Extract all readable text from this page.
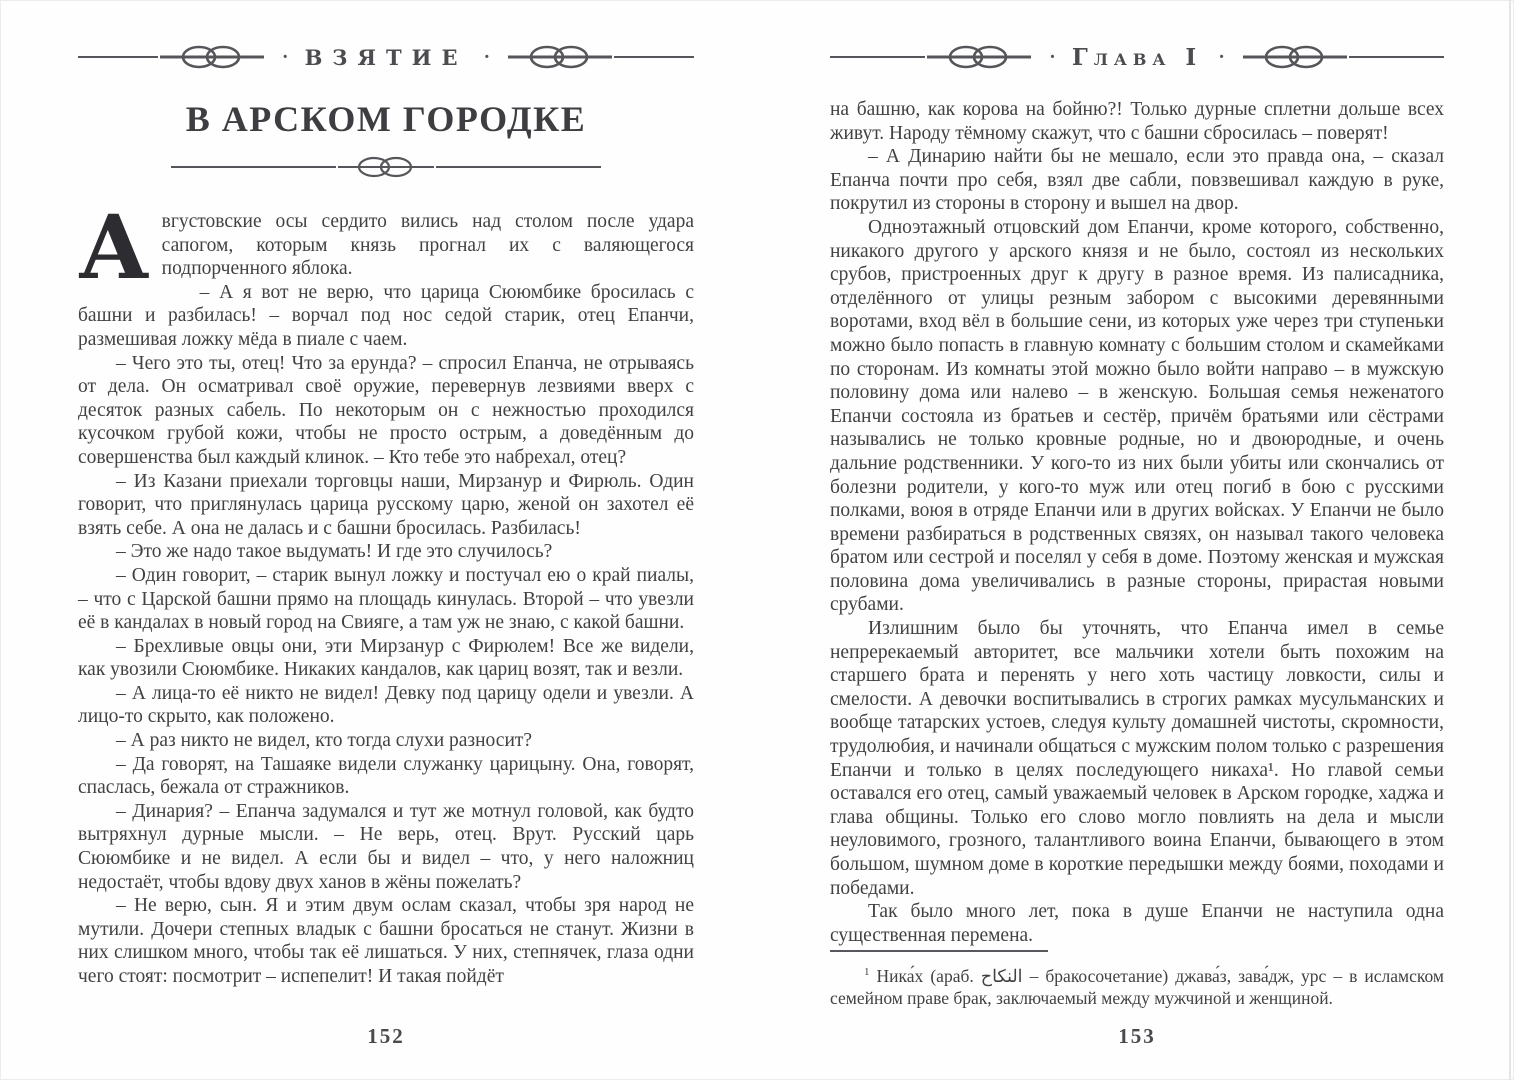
· ВЗЯТИЕ ·
В АРСКОМ ГОРОДКЕ

Августовские осы сердито вились над столом после удара сапогом, которым князь прогнал их с валяющегося подпорченного яблока.

– А я вот не верю, что царица Сююмбике бросилась с башни и разбилась! – ворчал под нос седой старик, отец Епанчи, размешивая ложку мёда в пиале с чаем.

– Чего это ты, отец! Что за ерунда? – спросил Епанча, не отрываясь от дела. Он осматривал своё оружие, перевернув лезвиями вверх с десяток разных сабель. По некоторым он с нежностью проходился кусочком грубой кожи, чтобы не просто острым, а доведённым до совершенства был каждый клинок. – Кто тебе это набрехал, отец?

– Из Казани приехали торговцы наши, Мирзанур и Фирюль. Один говорит, что приглянулась царица русскому царю, женой он захотел её взять себе. А она не далась и с башни бросилась. Разбилась!

– Это же надо такое выдумать! И где это случилось?

– Один говорит, – старик вынул ложку и постучал ею о край пиалы, – что с Царской башни прямо на площадь кинулась. Второй – что увезли её в кандалах в новый город на Свияге, а там уж не знаю, с какой башни.

– Брехливые овцы они, эти Мирзанур с Фирюлем! Все же видели, как увозили Сююмбике. Никаких кандалов, как цариц возят, так и везли.

– А лица-то её никто не видел! Девку под царицу одели и увезли. А лицо-то скрыто, как положено.

– А раз никто не видел, кто тогда слухи разносит?

– Да говорят, на Ташаяке видели служанку царицыну. Она, говорят, спаслась, бежала от стражников.

– Динария? – Епанча задумался и тут же мотнул головой, как будто вытряхнул дурные мысли. – Не верь, отец. Врут. Русский царь Сююмбике и не видел. А если бы и видел – что, у него наложниц недостаёт, чтобы вдову двух ханов в жёны пожелать?

– Не верю, сын. Я и этим двум ослам сказал, чтобы зря народ не мутили. Дочери степных владык с башни бросаться не станут. Жизни в них слишком много, чтобы так её лишаться. У них, степнячек, глаза одни чего стоят: посмотрит – испепелит! И такая пойдёт

152
· Глава I ·

на башню, как корова на бойню?! Только дурные сплетни дольше всех живут. Народу тёмному скажут, что с башни сбросилась – поверят!

– А Динарию найти бы не мешало, если это правда она, – сказал Епанча почти про себя, взял две сабли, повзвешивал каждую в руке, покрутил из стороны в сторону и вышел на двор.

Одноэтажный отцовский дом Епанчи, кроме которого, собственно, никакого другого у арского князя и не было, состоял из нескольких срубов, пристроенных друг к другу в разное время. Из палисадника, отделённого от улицы резным забором с высокими деревянными воротами, вход вёл в большие сени, из которых уже через три ступеньки можно было попасть в главную комнату с большим столом и скамейками по сторонам. Из комнаты этой можно было войти направо – в мужскую половину дома или налево – в женскую. Большая семья неженатого Епанчи состояла из братьев и сестёр, причём братьями или сёстрами назывались не только кровные родные, но и двоюродные, и очень дальние родственники. У кого-то из них были убиты или скончались от болезни родители, у кого-то муж или отец погиб в бою с русскими полками, воюя в отряде Епанчи или в других войсках. У Епанчи не было времени разбираться в родственных связях, он называл такого человека братом или сестрой и поселял у себя в доме. Поэтому женская и мужская половина дома увеличивались в разные стороны, прирастая новыми срубами.

Излишним было бы уточнять, что Епанча имел в семье непререкаемый авторитет, все мальчики хотели быть похожим на старшего брата и перенять у него хоть частицу ловкости, силы и смелости. А девочки воспитывались в строгих рамках мусульманских и вообще татарских устоев, следуя культу домашней чистоты, скромности, трудолюбия, и начинали общаться с мужским полом только с разрешения Епанчи и только в целях последующего никаха¹. Но главой семьи оставался его отец, самый уважаемый человек в Арском городке, хаджа и глава общины. Только его слово могло повлиять на дела и мысли неуловимого, грозного, талантливого воина Епанчи, бывающего в этом большом, шумном доме в короткие передышки между боями, походами и победами.

Так было много лет, пока в душе Епанчи не наступила одна существенная перемена.

$^1$ Ника́х (араб. النكاح – бракосочетание) джава́з, зава́дж, урс – в исламском семейном праве брак, заключаемый между мужчиной и женщиной.

153
